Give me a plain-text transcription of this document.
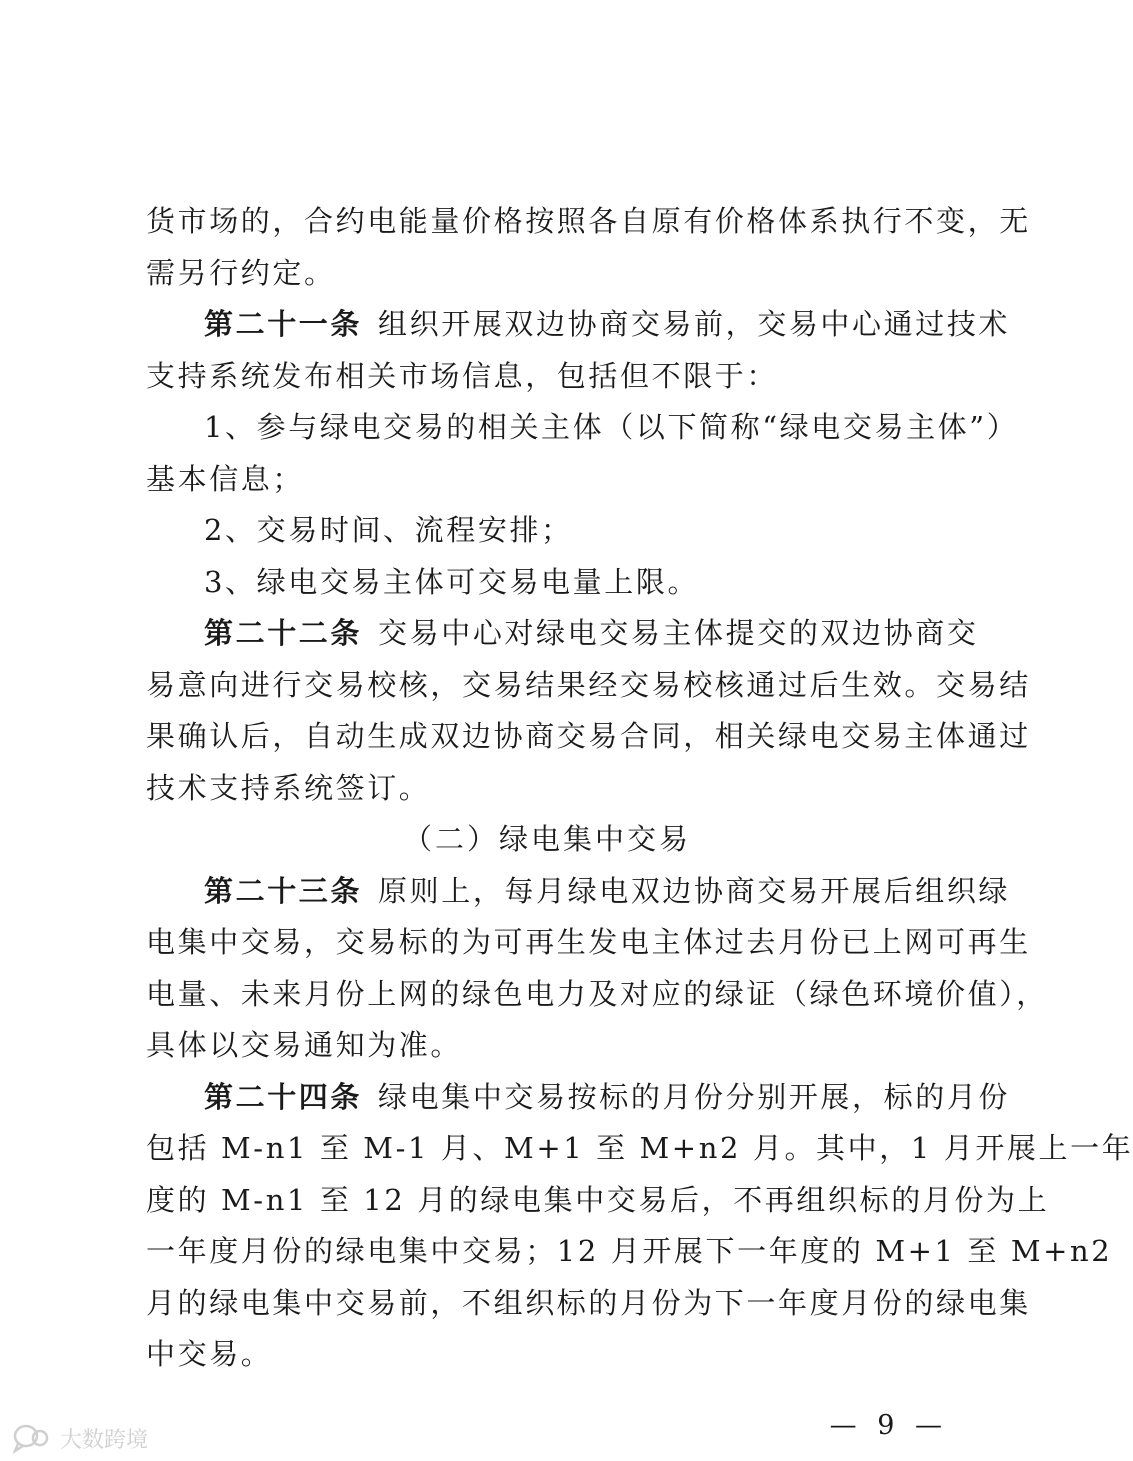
货市场的，合约电能量价格按照各自原有价格体系执行不变，无
需另行约定。
第二十一条 组织开展双边协商交易前，交易中心通过技术
支持系统发布相关市场信息，包括但不限于：
1、参与绿电交易的相关主体（以下简称“绿电交易主体”）
基本信息；
2、交易时间、流程安排；
3、绿电交易主体可交易电量上限。
第二十二条 交易中心对绿电交易主体提交的双边协商交
易意向进行交易校核，交易结果经交易校核通过后生效。交易结
果确认后，自动生成双边协商交易合同，相关绿电交易主体通过
技术支持系统签订。
（二）绿电集中交易
第二十三条 原则上，每月绿电双边协商交易开展后组织绿
电集中交易，交易标的为可再生发电主体过去月份已上网可再生
电量、未来月份上网的绿色电力及对应的绿证（绿色环境价值），
具体以交易通知为准。
第二十四条 绿电集中交易按标的月份分别开展，标的月份
包括 M-n1 至 M-1 月、M+1 至 M+n2 月。其中，1 月开展上一年
度的 M-n1 至 12 月的绿电集中交易后，不再组织标的月份为上
一年度月份的绿电集中交易；12 月开展下一年度的 M+1 至 M+n2
月的绿电集中交易前，不组织标的月份为下一年度月份的绿电集
中交易。
— 9 —
大数跨境
